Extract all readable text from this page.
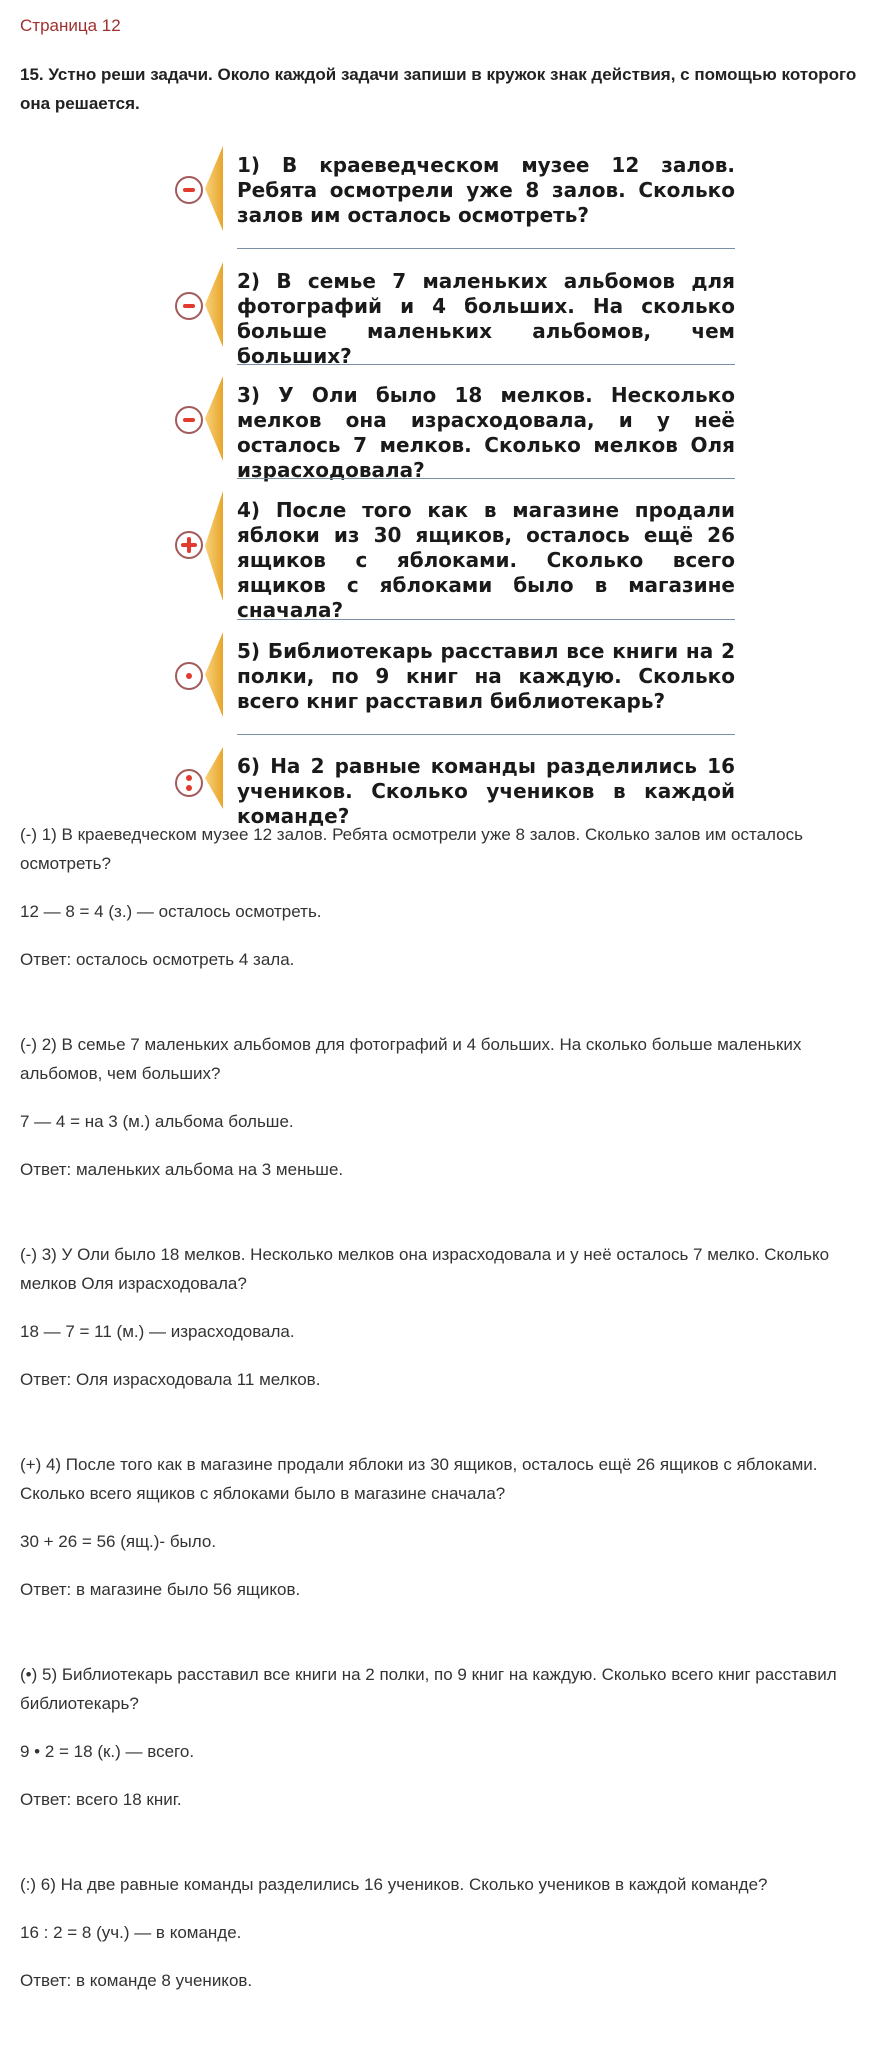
Страница 12
15. Устно реши задачи. Около каждой задачи запиши в кружок знак действия, с помощью которого она решается.
1) В краеведческом музее 12 залов. Ребята осмотрели уже 8 залов. Сколько залов им осталось осмотреть?
2) В семье 7 маленьких альбомов для фотографий и 4 больших. На сколько больше маленьких альбомов, чем больших?
3) У Оли было 18 мелков. Несколько мелков она израсходовала, и у неё осталось 7 мелков. Сколько мелков Оля израсходовала?
4) После того как в магазине продали яблоки из 30 ящиков, осталось ещё 26 ящиков с яблоками. Сколько всего ящиков с яблоками было в магазине сначала?
5) Библиотекарь расставил все книги на 2 полки, по 9 книг на каждую. Сколько всего книг расставил библиотекарь?
6) На 2 равные команды разделились 16 учеников. Сколько учеников в каждой команде?

(-) 1) В краеведческом музее 12 залов. Ребята осмотрели уже 8 залов. Сколько залов им осталось осмотреть?

12 — 8 = 4 (з.) — осталось осмотреть.

Ответ: осталось осмотреть 4 зала.

(-) 2) В семье 7 маленьких альбомов для фотографий и 4 больших. На сколько больше маленьких альбомов, чем больших?

7 — 4 = на 3 (м.) альбома больше.

Ответ: маленьких альбома на 3 меньше.

(-) 3) У Оли было 18 мелков. Несколько мелков она израсходовала и у неё осталось 7 мелко. Сколько мелков Оля израсходовала?

18 — 7 = 11 (м.) — израсходовала.

Ответ: Оля израсходовала 11 мелков.

(+) 4) После того как в магазине продали яблоки из 30 ящиков, осталось ещё 26 ящиков с яблоками. Сколько всего ящиков с яблоками было в магазине сначала?

30 + 26 = 56 (ящ.)- было.

Ответ: в магазине было 56 ящиков.

(•) 5) Библиотекарь расставил все книги на 2 полки, по 9 книг на каждую. Сколько всего книг расставил библиотекарь?

9 • 2 = 18 (к.) — всего.

Ответ: всего 18 книг.

(:) 6) На две равные команды разделились 16 учеников. Сколько учеников в каждой команде?

16 : 2 = 8 (уч.) — в команде.

Ответ: в команде 8 учеников.
